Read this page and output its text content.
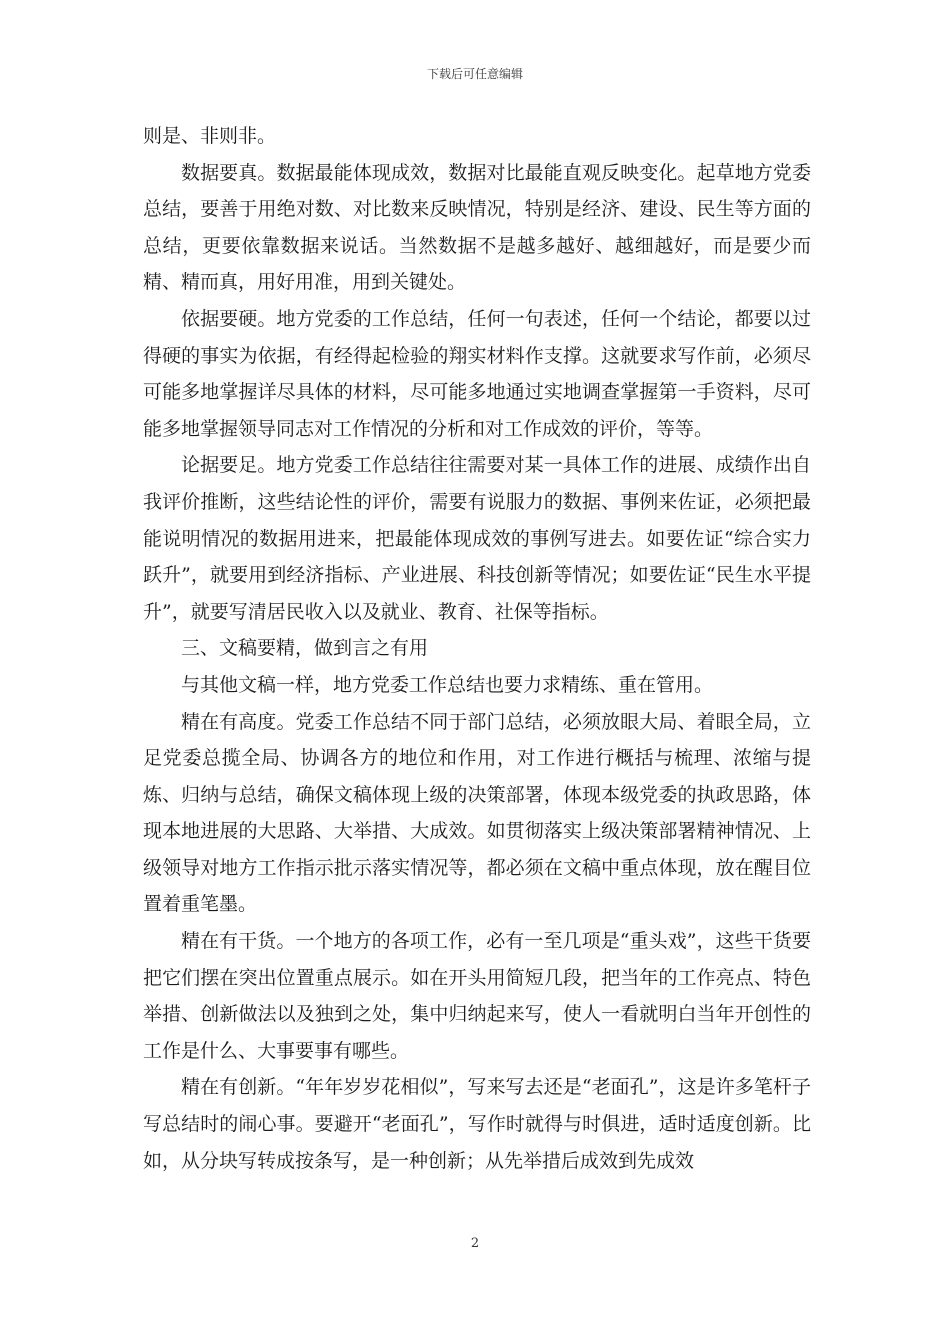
下载后可任意编辑

则是、非则非。

数据要真。数据最能体现成效，数据对比最能直观反映变化。起草地方党委总结，要善于用绝对数、对比数来反映情况，特别是经济、建设、民生等方面的总结，更要依靠数据来说话。当然数据不是越多越好、越细越好，而是要少而精、精而真，用好用准，用到关键处。

依据要硬。地方党委的工作总结，任何一句表述，任何一个结论，都要以过得硬的事实为依据，有经得起检验的翔实材料作支撑。这就要求写作前，必须尽可能多地掌握详尽具体的材料，尽可能多地通过实地调查掌握第一手资料，尽可能多地掌握领导同志对工作情况的分析和对工作成效的评价，等等。

论据要足。地方党委工作总结往往需要对某一具体工作的进展、成绩作出自我评价推断，这些结论性的评价，需要有说服力的数据、事例来佐证，必须把最能说明情况的数据用进来，把最能体现成效的事例写进去。如要佐证“综合实力跃升”，就要用到经济指标、产业进展、科技创新等情况；如要佐证“民生水平提升”，就要写清居民收入以及就业、教育、社保等指标。

三、文稿要精，做到言之有用

与其他文稿一样，地方党委工作总结也要力求精练、重在管用。

精在有高度。党委工作总结不同于部门总结，必须放眼大局、着眼全局，立足党委总揽全局、协调各方的地位和作用，对工作进行概括与梳理、浓缩与提炼、归纳与总结，确保文稿体现上级的决策部署，体现本级党委的执政思路，体现本地进展的大思路、大举措、大成效。如贯彻落实上级决策部署精神情况、上级领导对地方工作指示批示落实情况等，都必须在文稿中重点体现，放在醒目位置着重笔墨。

精在有干货。一个地方的各项工作，必有一至几项是“重头戏”，这些干货要把它们摆在突出位置重点展示。如在开头用简短几段，把当年的工作亮点、特色举措、创新做法以及独到之处，集中归纳起来写，使人一看就明白当年开创性的工作是什么、大事要事有哪些。

精在有创新。“年年岁岁花相似”，写来写去还是“老面孔”，这是许多笔杆子写总结时的闹心事。要避开“老面孔”，写作时就得与时俱进，适时适度创新。比如，从分块写转成按条写，是一种创新；从先举措后成效到先成效

2
